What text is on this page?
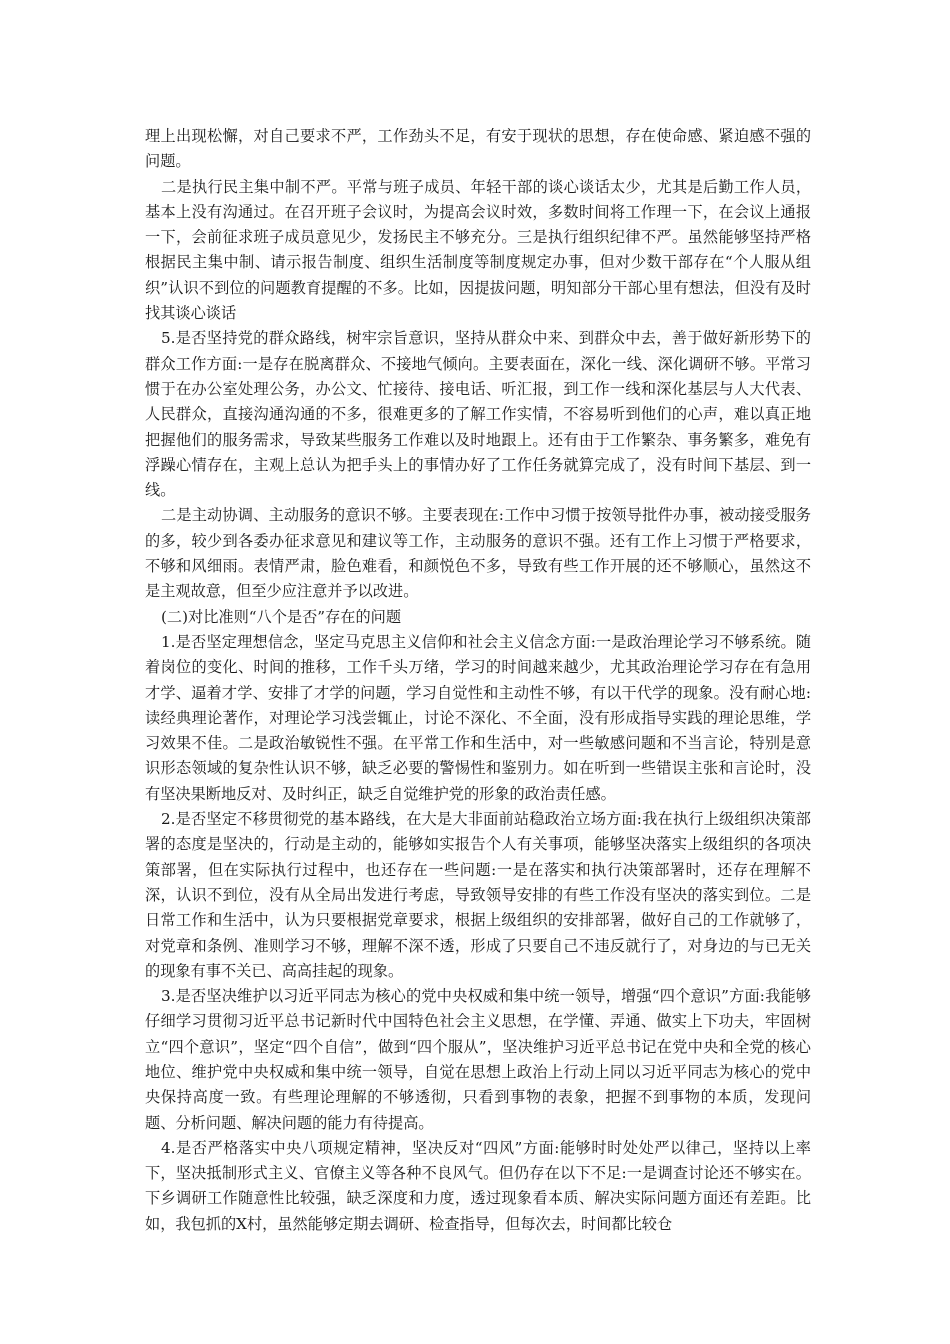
理上出现松懈，对自己要求不严，工作劲头不足，有安于现状的思想，存在使命感、紧迫感不强的问题。

二是执行民主集中制不严。平常与班子成员、年轻干部的谈心谈话太少，尤其是后勤工作人员，基本上没有沟通过。在召开班子会议时，为提高会议时效，多数时间将工作理一下，在会议上通报一下，会前征求班子成员意见少，发扬民主不够充分。三是执行组织纪律不严。虽然能够坚持严格根据民主集中制、请示报告制度、组织生活制度等制度规定办事，但对少数干部存在“个人服从组织”认识不到位的问题教育提醒的不多。比如，因提拔问题，明知部分干部心里有想法，但没有及时找其谈心谈话

5.是否坚持党的群众路线，树牢宗旨意识，坚持从群众中来、到群众中去，善于做好新形势下的群众工作方面:一是存在脱离群众、不接地气倾向。主要表面在，深化一线、深化调研不够。平常习惯于在办公室处理公务，办公文、忙接待、接电话、听汇报，到工作一线和深化基层与人大代表、人民群众，直接沟通沟通的不多，很难更多的了解工作实情，不容易听到他们的心声，难以真正地把握他们的服务需求，导致某些服务工作难以及时地跟上。还有由于工作繁杂、事务繁多，难免有浮躁心情存在，主观上总认为把手头上的事情办好了工作任务就算完成了，没有时间下基层、到一线。

二是主动协调、主动服务的意识不够。主要表现在:工作中习惯于按领导批件办事，被动接受服务的多，较少到各委办征求意见和建议等工作，主动服务的意识不强。还有工作上习惯于严格要求，不够和风细雨。表情严肃，脸色难看，和颜悦色不多，导致有些工作开展的还不够顺心，虽然这不是主观故意，但至少应注意并予以改进。

(二)对比准则“八个是否”存在的问题

1.是否坚定理想信念，坚定马克思主义信仰和社会主义信念方面:一是政治理论学习不够系统。随着岗位的变化、时间的推移，工作千头万绪，学习的时间越来越少，尤其政治理论学习存在有急用才学、逼着才学、安排了才学的问题，学习自觉性和主动性不够，有以干代学的现象。没有耐心地:读经典理论著作，对理论学习浅尝辄止，讨论不深化、不全面，没有形成指导实践的理论思维，学习效果不佳。二是政治敏锐性不强。在平常工作和生活中，对一些敏感问题和不当言论，特别是意识形态领域的复杂性认识不够，缺乏必要的警惕性和鉴别力。如在听到一些错误主张和言论时，没有坚决果断地反对、及时纠正，缺乏自觉维护党的形象的政治责任感。

2.是否坚定不移贯彻党的基本路线，在大是大非面前站稳政治立场方面:我在执行上级组织决策部署的态度是坚决的，行动是主动的，能够如实报告个人有关事项，能够坚决落实上级组织的各项决策部署，但在实际执行过程中，也还存在一些问题:一是在落实和执行决策部署时，还存在理解不深，认识不到位，没有从全局出发进行考虑，导致领导安排的有些工作没有坚决的落实到位。二是日常工作和生活中，认为只要根据党章要求，根据上级组织的安排部署，做好自己的工作就够了，对党章和条例、准则学习不够，理解不深不透，形成了只要自己不违反就行了，对身边的与已无关的现象有事不关已、高高挂起的现象。

3.是否坚决维护以习近平同志为核心的党中央权威和集中统一领导，增强“四个意识”方面:我能够仔细学习贯彻习近平总书记新时代中国特色社会主义思想，在学懂、弄通、做实上下功夫，牢固树立“四个意识”，坚定“四个自信”，做到“四个服从”，坚决维护习近平总书记在党中央和全党的核心地位、维护党中央权威和集中统一领导，自觉在思想上政治上行动上同以习近平同志为核心的党中央保持高度一致。有些理论理解的不够透彻，只看到事物的表象，把握不到事物的本质，发现问题、分析问题、解决问题的能力有待提高。

4.是否严格落实中央八项规定精神，坚决反对“四风”方面:能够时时处处严以律己，坚持以上率下，坚决抵制形式主义、官僚主义等各种不良风气。但仍存在以下不足:一是调查讨论还不够实在。下乡调研工作随意性比较强，缺乏深度和力度，透过现象看本质、解决实际问题方面还有差距。比如，我包抓的X村，虽然能够定期去调研、检查指导，但每次去，时间都比较仓
